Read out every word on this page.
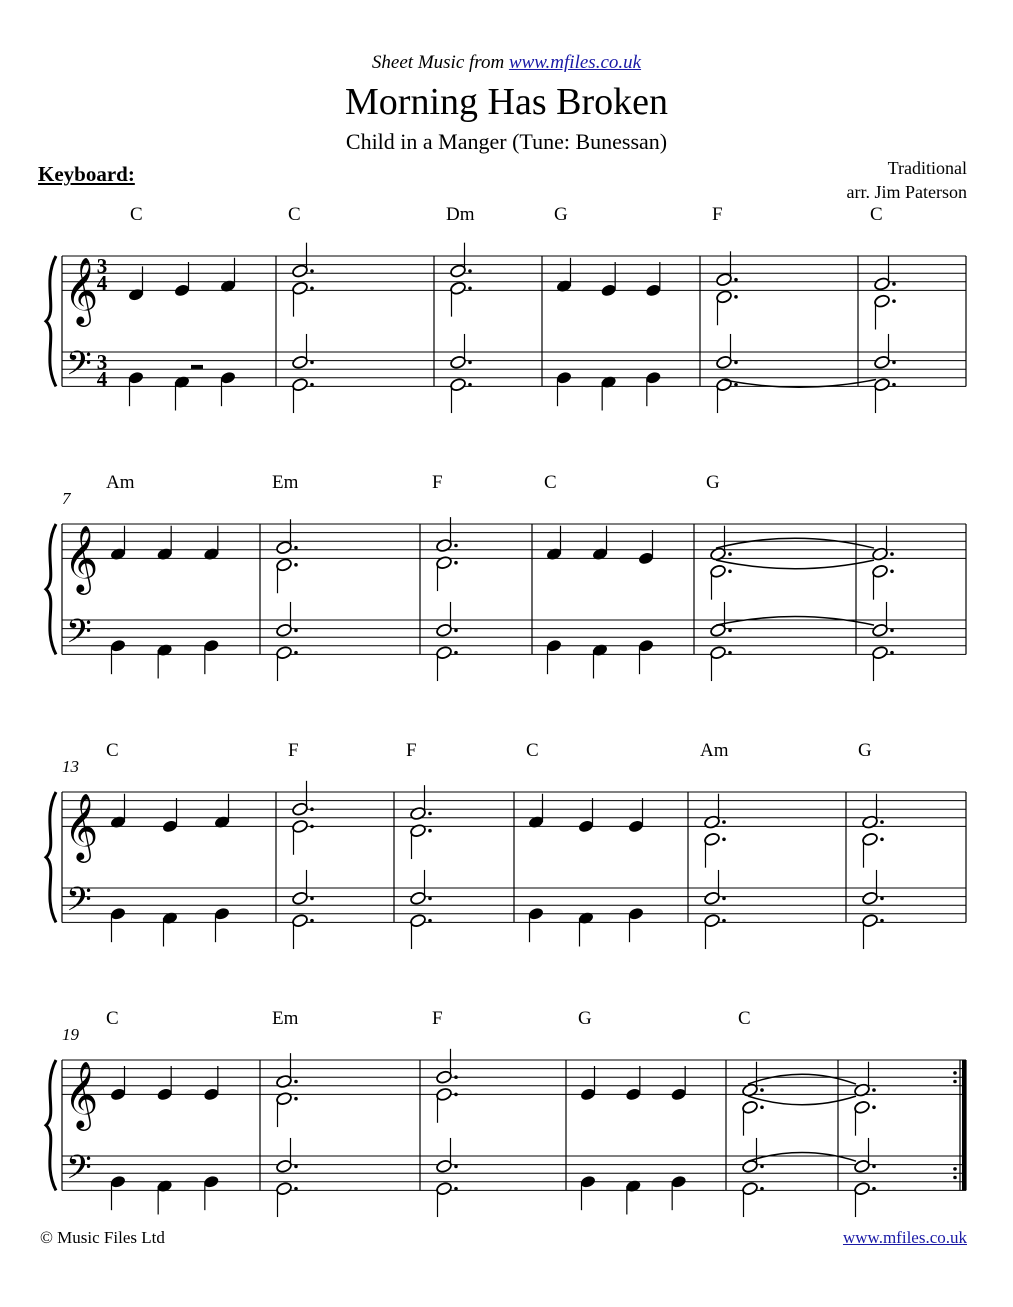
Sheet Music from www.mfiles.co.uk
Morning Has Broken
Child in a Manger (Tune: Bunessan)
Keyboard:	Traditional
arr. Jim Paterson
𝄞
𝄢
3
4
3
4
C	C	Dm	G	F	C
𝄞
𝄢
7
Am	Em	F	C	G
𝄞
𝄢
13
C	F	F	C	Am	G
𝄞
𝄢
19
C	Em	F	G	C
© Music Files Ltd	www.mfiles.co.uk
